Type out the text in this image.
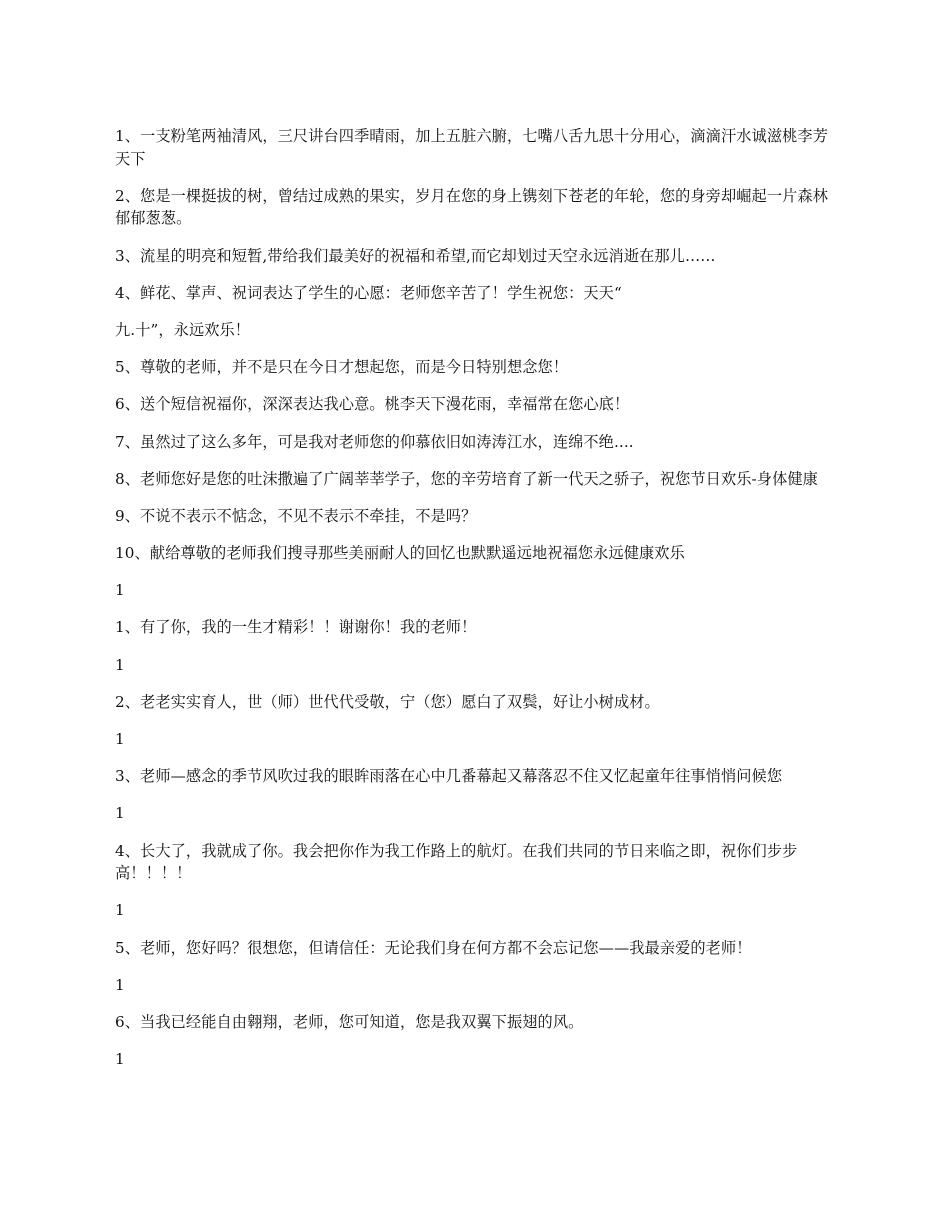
1、一支粉笔两袖清风，三尺讲台四季晴雨，加上五脏六腑，七嘴八舌九思十分用心，滴滴汗水诚滋桃李芳天下

2、您是一棵挺拔的树，曾结过成熟的果实，岁月在您的身上镌刻下苍老的年轮，您的身旁却崛起一片森林郁郁葱葱。

3、流星的明亮和短暂,带给我们最美好的祝福和希望,而它却划过天空永远消逝在那儿……

4、鲜花、掌声、祝词表达了学生的心愿：老师您辛苦了！学生祝您：天天“

九.十”，永远欢乐！

5、尊敬的老师，并不是只在今日才想起您，而是今日特别想念您！

6、送个短信祝福你，深深表达我心意。桃李天下漫花雨，幸福常在您心底！

7、虽然过了这么多年，可是我对老师您的仰慕依旧如涛涛江水，连绵不绝....

8、老师您好是您的吐沫撒遍了广阔莘莘学子，您的辛劳培育了新一代天之骄子，祝您节日欢乐-身体健康

9、不说不表示不惦念，不见不表示不牵挂，不是吗？

10、献给尊敬的老师我们搜寻那些美丽耐人的回忆也默默遥远地祝福您永远健康欢乐

1

1、有了你，我的一生才精彩！！谢谢你！我的老师！

1

2、老老实实育人，世（师）世代代受敬，宁（您）愿白了双鬓，好让小树成材。

1

3、老师—感念的季节风吹过我的眼眸雨落在心中几番幕起又幕落忍不住又忆起童年往事悄悄问候您

1

4、长大了，我就成了你。我会把你作为我工作路上的航灯。在我们共同的节日来临之即，祝你们步步高！！！！

1

5、老师，您好吗？很想您，但请信任：无论我们身在何方都不会忘记您——我最亲爱的老师！

1

6、当我已经能自由翱翔，老师，您可知道，您是我双翼下振翅的风。

1
